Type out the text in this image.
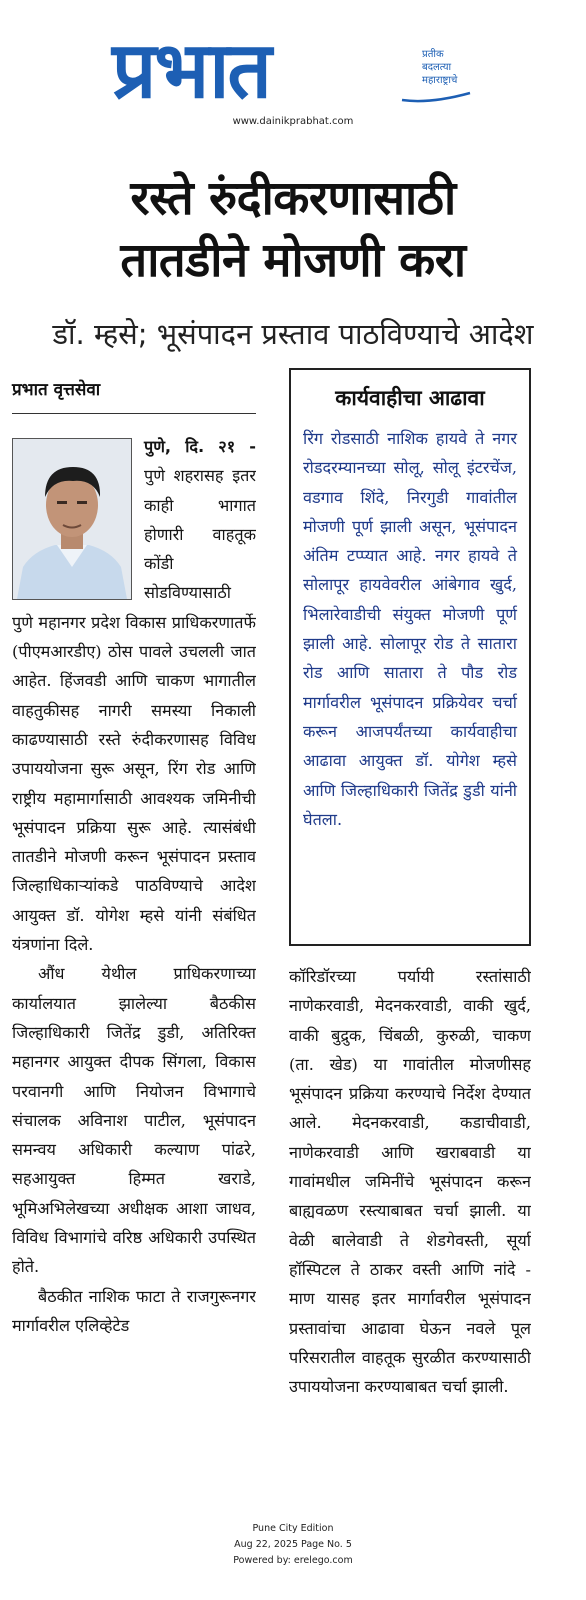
प्रभात	प्रतीक
बदलत्या
महाराष्ट्राचे
www.dainikprabhat.com
रस्ते रुंदीकरणासाठी
तातडीने मोजणी करा
डॉ. म्हसे; भूसंपादन प्रस्ताव पाठविण्याचे आदेश
प्रभात वृत्तसेवा

पुणे, दि. २१ -
पुणे शहरासह इतर काही भागात होणारी वाहतूक कोंडी सोडविण्यासाठी पुणे महानगर प्रदेश विकास प्राधिकरणातर्फे (पीएमआरडीए) ठोस पावले उचलली जात आहेत. हिंजवडी आणि चाकण भागातील वाहतुकीसह नागरी समस्या निकाली काढण्यासाठी रस्ते रुंदीकरणासह विविध उपाययोजना सुरू असून, रिंग रोड आणि राष्ट्रीय महामार्गासाठी आवश्यक जमिनीची भूसंपादन प्रक्रिया सुरू आहे. त्यासंबंधी तातडीने मोजणी करून भूसंपादन प्रस्ताव जिल्हाधिकाऱ्यांकडे पाठविण्याचे आदेश आयुक्त डॉ. योगेश म्हसे यांनी संबंधित यंत्रणांना दिले.

औंध येथील प्राधिकरणाच्या कार्यालयात झालेल्या बैठकीस जिल्हाधिकारी जितेंद्र डुडी, अतिरिक्त महानगर आयुक्त दीपक सिंगला, विकास परवानगी आणि नियोजन विभागाचे संचालक अविनाश पाटील, भूसंपादन समन्वय अधिकारी कल्याण पांढरे, सहआयुक्त हिम्मत खराडे, भूमिअभिलेखच्या अधीक्षक आशा जाधव, विविध विभागांचे वरिष्ठ अधिकारी उपस्थित होते.

बैठकीत नाशिक फाटा ते राजगुरूनगर मार्गावरील एलिव्हेटेड

कार्यवाहीचा आढावा
रिंग रोडसाठी नाशिक हायवे ते नगर रोडदरम्यानच्या सोलू, सोलू इंटरचेंज, वडगाव शिंदे, निरगुडी गावांतील मोजणी पूर्ण झाली असून, भूसंपादन अंतिम टप्प्यात आहे. नगर हायवे ते सोलापूर हायवेवरील आंबेगाव खुर्द, भिलारेवाडीची संयुक्त मोजणी पूर्ण झाली आहे. सोलापूर रोड ते सातारा रोड आणि सातारा ते पौड रोड मार्गावरील भूसंपादन प्रक्रियेवर चर्चा करून आजपर्यंतच्या कार्यवाहीचा आढावा आयुक्त डॉ. योगेश म्हसे आणि जिल्हाधिकारी जितेंद्र डुडी यांनी घेतला.

कॉरिडॉरच्या पर्यायी रस्तांसाठी नाणेकरवाडी, मेदनकरवाडी, वाकी खुर्द, वाकी बुद्रुक, चिंबळी, कुरुळी, चाकण (ता. खेड) या गावांतील मोजणीसह भूसंपादन प्रक्रिया करण्याचे निर्देश देण्यात आले. मेदनकरवाडी, कडाचीवाडी, नाणेकरवाडी आणि खराबवाडी या गावांमधील जमिनींचे भूसंपादन करून बाह्यवळण रस्त्याबाबत चर्चा झाली. या वेळी बालेवाडी ते शेडगेवस्ती, सूर्या हॉस्पिटल ते ठाकर वस्ती आणि नांदे - माण यासह इतर मार्गावरील भूसंपादन प्रस्तावांचा आढावा घेऊन नवले पूल परिसरातील वाहतूक सुरळीत करण्यासाठी उपाययोजना करण्याबाबत चर्चा झाली.

Pune City Edition
Aug 22, 2025 Page No. 5
Powered by: erelego.com
